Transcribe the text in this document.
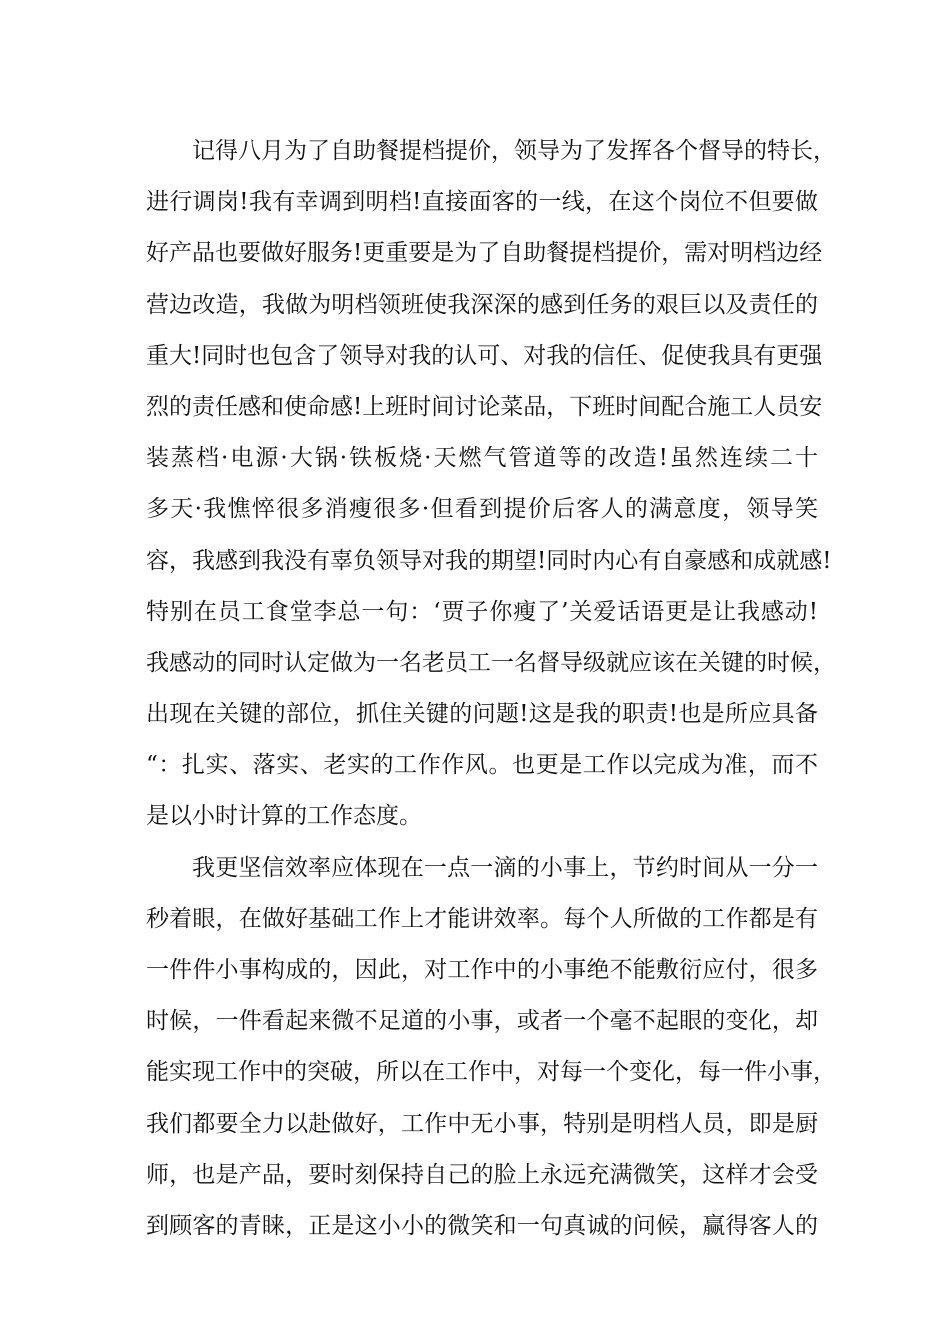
记得八月为了自助餐提档提价，领导为了发挥各个督导的特长，
进行调岗!我有幸调到明档!直接面客的一线，在这个岗位不但要做
好产品也要做好服务!更重要是为了自助餐提档提价，需对明档边经
营边改造，我做为明档领班使我深深的感到任务的艰巨以及责任的
重大!同时也包含了领导对我的认可、对我的信任、促使我具有更强
烈的责任感和使命感!上班时间讨论菜品，下班时间配合施工人员安
装蒸档·电源·大锅·铁板烧·天燃气管道等的改造!虽然连续二十
多天·我憔悴很多消瘦很多·但看到提价后客人的满意度，领导笑
容，我感到我没有辜负领导对我的期望!同时内心有自豪感和成就感!
特别在员工食堂李总一句：‘贾子你瘦了’关爱话语更是让我感动!
我感动的同时认定做为一名老员工一名督导级就应该在关键的时候，
出现在关键的部位，抓住关键的问题!这是我的职责!也是所应具备
“：扎实、落实、老实的工作作风。也更是工作以完成为准，而不
是以小时计算的工作态度。
我更坚信效率应体现在一点一滴的小事上，节约时间从一分一
秒着眼，在做好基础工作上才能讲效率。每个人所做的工作都是有
一件件小事构成的，因此，对工作中的小事绝不能敷衍应付，很多
时候，一件看起来微不足道的小事，或者一个毫不起眼的变化，却
能实现工作中的突破，所以在工作中，对每一个变化，每一件小事，
我们都要全力以赴做好，工作中无小事，特别是明档人员，即是厨
师，也是产品，要时刻保持自己的脸上永远充满微笑，这样才会受
到顾客的青睐，正是这小小的微笑和一句真诚的问候，赢得客人的
